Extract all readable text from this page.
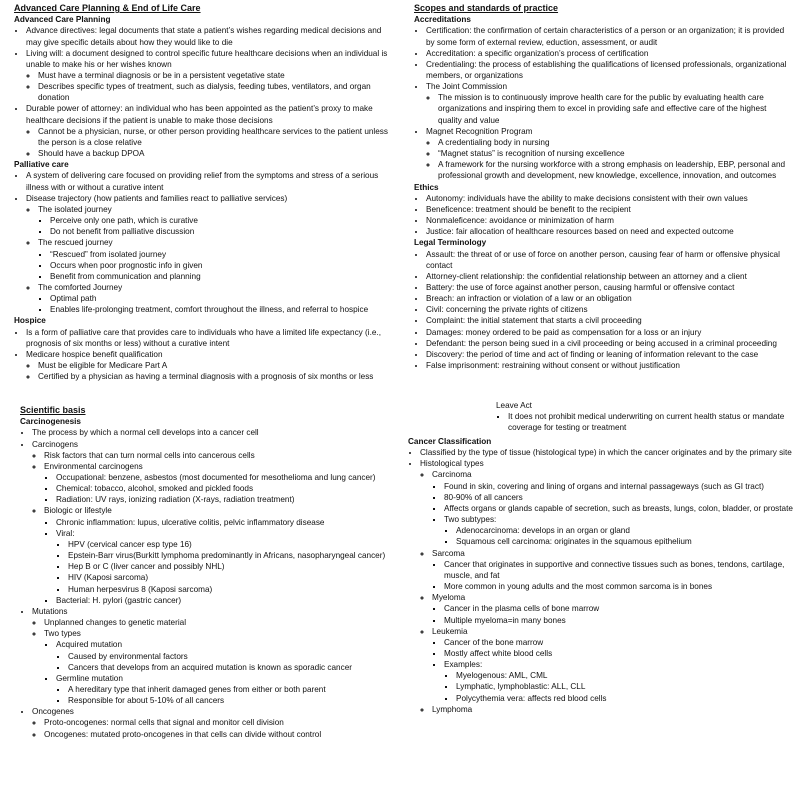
Advanced Care Planning & End of Life Care
Advanced Care Planning
• Advance directives: legal documents that state a patient’s wishes regarding medical decisions and may give specific details about how they would like to die
• Living will: a document designed to control specific future healthcare decisions when an individual is unable to make his or her wishes known
◦ Must have a terminal diagnosis or be in a persistent vegetative state
◦ Describes specific types of treatment, such as dialysis, feeding tubes, ventilators, and organ donation
• Durable power of attorney: an individual who has been appointed as the patient’s proxy to make healthcare decisions if the patient is unable to make those decisions
◦ Cannot be a physician, nurse, or other person providing healthcare services to the patient unless the person is a close relative
◦ Should have a backup DPOA
Palliative care
• A system of delivering care focused on providing relief from the symptoms and stress of a serious illness with or without a curative intent
• Disease trajectory (how patients and families react to palliative services)
◦ The isolated journey
▪ Perceive only one path, which is curative
▪ Do not benefit from palliative discussion
◦ The rescued journey
▪ “Rescued” from isolated journey
▪ Occurs when poor prognostic info in given
▪ Benefit from communication and planning
◦ The comforted Journey
▪ Optimal path
▪ Enables life-prolonging treatment, comfort throughout the illness, and referral to hospice
Hospice
• Is a form of palliative care that provides care to individuals who have a limited life expectancy (i.e., prognosis of six months or less) without a curative intent
• Medicare hospice benefit qualification
◦ Must be eligible for Medicare Part A
◦ Certified by a physician as having a terminal diagnosis with a prognosis of six months or less
Scopes and standards of practice
Accreditations
• Certification: the confirmation of certain characteristics of a person or an organization; it is provided by some form of external review, eduction, assessment, or audit
• Accreditation: a specific organization’s process of certification
• Credentialing: the process of establishing the qualifications of licensed professionals, organizational members, or organizations
• The Joint Commission
◦ The mission is to continuously improve health care for the public by evaluating health care organizations and inspiring them to excel in providing safe and effective care of the highest quality and value
• Magnet Recognition Program
◦ A credentialing body in nursing
◦ “Magnet status” is recognition of nursing excellence
◦ A framework for the nursing workforce with a strong emphasis on leadership, EBP, personal and professional growth and development, new knowledge, excellence, innovation, and outcomes
Ethics
• Autonomy: individuals have the ability to make decisions consistent with their own values
• Beneficence: treatment should be benefit to the recipient
• Nonmaleficence: avoidance or minimization of harm
• Justice: fair allocation of healthcare resources based on need and expected outcome
Legal Terminology
• Assault: the threat of or use of force on another person, causing fear of harm or offensive physical contact
• Attorney-client relationship: the confidential relationship between an attorney and a client
• Battery: the use of force against another person, causing harmful or offensive contact
• Breach: an infraction or violation of a law or an obligation
• Civil: concerning the private rights of citizens
• Complaint: the initial statement that starts a civil proceeding
• Damages: money ordered to be paid as compensation for a loss or an injury
• Defendant: the person being sued in a civil proceeding or being accused in a criminal proceeding
• Discovery: the period of time and act of finding or leaning of information relevant to the case
• False imprisonment: restraining without consent or without justification
Scientific basis
Carcinogenesis
• The process by which a normal cell develops into a cancer cell
• Carcinogens
◦ Risk factors that can turn normal cells into cancerous cells
◦ Environmental carcinogens
▪ Occupational: benzene, asbestos (most documented for mesothelioma and lung cancer)
▪ Chemical: tobacco, alcohol, smoked and pickled foods
▪ Radiation: UV rays, ionizing radiation (X-rays, radiation treatment)
◦ Biologic or lifestyle
▪ Chronic inflammation: lupus, ulcerative colitis, pelvic inflammatory disease
▪ Viral:
▪ HPV (cervical cancer esp type 16)
▪ Epstein-Barr virus(Burkitt lymphoma predominantly in Africans, nasopharyngeal cancer)
▪ Hep B or C (liver cancer and possibly NHL)
▪ HIV (Kaposi sarcoma)
▪ Human herpesvirus 8 (Kaposi sarcoma)
▪ Bacterial: H. pylori (gastric cancer)
• Mutations
◦ Unplanned changes to genetic material
◦ Two types
▪ Acquired mutation
▪ Caused by environmental factors
▪ Cancers that develops from an acquired mutation is known as sporadic cancer
▪ Germline mutation
▪ A hereditary type that inherit damaged genes from either or both parent
▪ Responsible for about 5-10% of all cancers
• Oncogenes
◦ Proto-oncogenes: normal cells that signal and monitor cell division
◦ Oncogenes: mutated proto-oncogenes in that cells can divide without control
Leave Act
▪ It does not prohibit medical underwriting on current health status or mandate coverage for testing or treatment
Cancer Classification
• Classified by the type of tissue (histological type) in which the cancer originates and by the primary site
• Histological types
◦ Carcinoma
▪ Found in skin, covering and lining of organs and internal passageways (such as GI tract)
▪ 80-90% of all cancers
▪ Affects organs or glands capable of secretion, such as breasts, lungs, colon, bladder, or prostate
▪ Two subtypes:
▪ Adenocarcinoma: develops in an organ or gland
▪ Squamous cell carcinoma: originates in the squamous epithelium
◦ Sarcoma
▪ Cancer that originates in supportive and connective tissues such as bones, tendons, cartilage, muscle, and fat
▪ More common in young adults and the most common sarcoma is in bones
◦ Myeloma
▪ Cancer in the plasma cells of bone marrow
▪ Multiple myeloma=in many bones
◦ Leukemia
▪ Cancer of the bone marrow
▪ Mostly affect white blood cells
▪ Examples:
▪ Myelogenous: AML, CML
▪ Lymphatic, lymphoblastic: ALL, CLL
▪ Polycythemia vera: affects red blood cells
◦ Lymphoma
